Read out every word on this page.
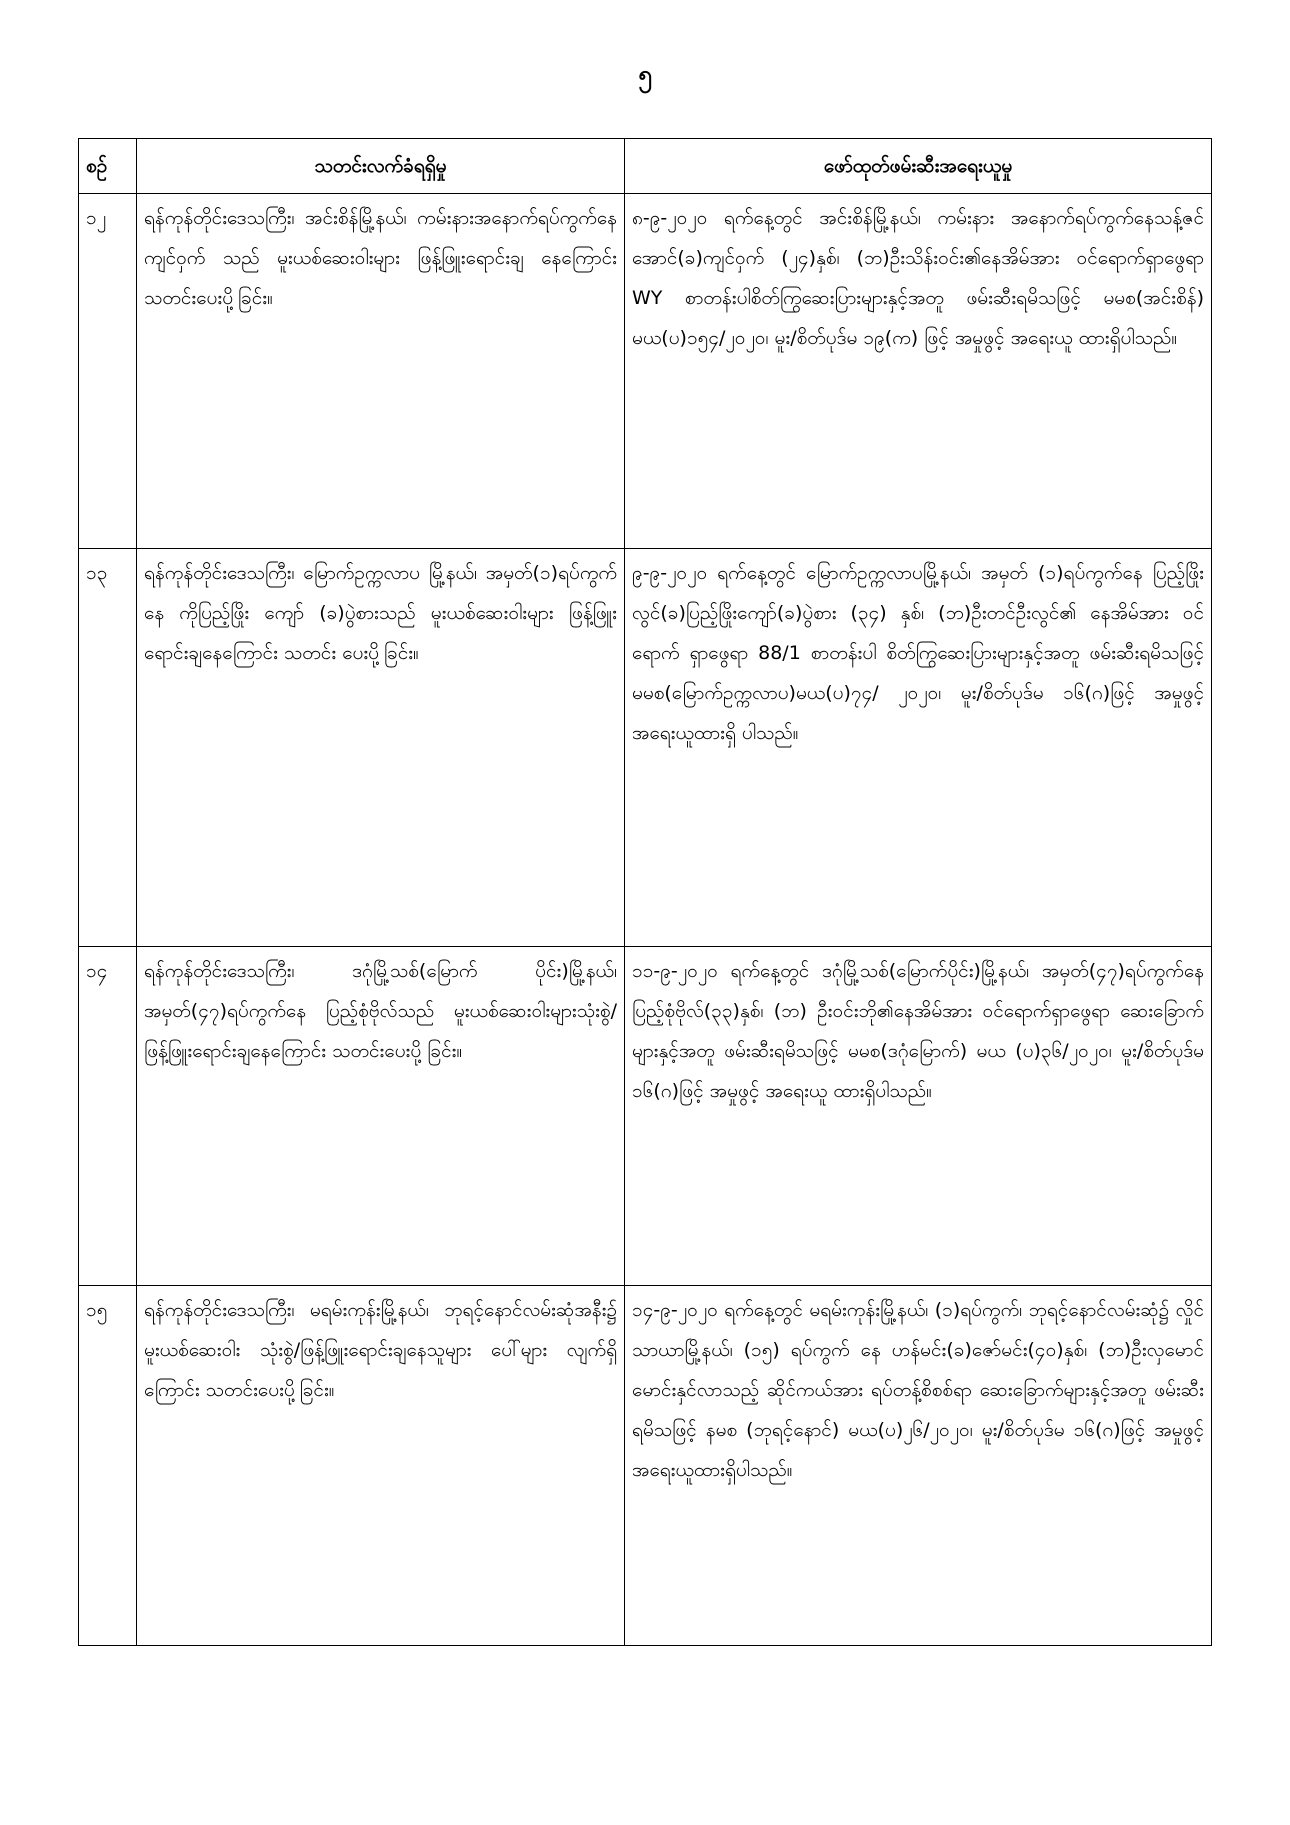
၅
စဉ်	သတင်းလက်ခံရရှိမှု	ဖော်ထုတ်ဖမ်းဆီးအရေးယူမှု
၁၂	ရန်ကုန်တိုင်းဒေသကြီး၊ အင်းစိန်မြို့နယ်၊ ကမ်းနားအနောက်ရပ်ကွက်နေ ကျင်ဝှက် သည် မူးယစ်ဆေးဝါးများ ဖြန့်ဖြူးရောင်းချ နေကြောင်း သတင်းပေးပို့ခြင်း။	၈-၉-၂၀၂၀ ရက်နေ့တွင် အင်းစိန်မြို့နယ်၊ ကမ်းနား အနောက်ရပ်ကွက်နေသန့်ဇင်အောင်(ခ)ကျင်ဝှက် (၂၄)နှစ်၊ (ဘ)ဦးသိန်းဝင်း၏နေအိမ်အား ဝင်ရောက်ရှာဖွေရာ WY စာတန်းပါစိတ်ကြွဆေးပြားများနှင့်အတူ ဖမ်းဆီးရမိသဖြင့် မမစ(အင်းစိန်) မယ(ပ)၁၅၄/၂၀၂၀၊ မူး/စိတ်ပုဒ်မ ၁၉(က) ဖြင့် အမှုဖွင့် အရေးယူ ထားရှိပါသည်။
၁၃	ရန်ကုန်တိုင်းဒေသကြီး၊ မြောက်ဥက္ကလာပ မြို့နယ်၊ အမှတ်(၁)ရပ်ကွက်နေ ကိုပြည့်ဖြိုး ကျော် (ခ)ပွဲစားသည် မူးယစ်ဆေးဝါးများ ဖြန့်ဖြူး ရောင်းချနေကြောင်း သတင်း ပေးပို့ခြင်း။	၉-၉-၂၀၂၀ ရက်နေ့တွင် မြောက်ဥက္ကလာပမြို့နယ်၊ အမှတ် (၁)ရပ်ကွက်နေ ပြည့်ဖြိုးလွင်(ခ)ပြည့်ဖြိုးကျော်(ခ)ပွဲစား (၃၄) နှစ်၊ (ဘ)ဦးတင်ဦးလွင်၏ နေအိမ်အား ဝင်ရောက် ရှာဖွေရာ 88/1 စာတန်းပါ စိတ်ကြွဆေးပြားများနှင့်အတူ ဖမ်းဆီးရမိသဖြင့် မမစ(မြောက်ဥက္ကလာပ)မယ(ပ)၇၄/ ၂၀၂၀၊ မူး/စိတ်ပုဒ်မ ၁၆(ဂ)ဖြင့် အမှုဖွင့် အရေးယူထားရှိ ပါသည်။
၁၄	ရန်ကုန်တိုင်းဒေသကြီး၊ ဒဂုံမြို့သစ်(မြောက် ပိုင်း)မြို့နယ်၊ အမှတ်(၄၇)ရပ်ကွက်နေ ပြည့်စုံဗိုလ်သည် မူးယစ်ဆေးဝါးများသုံးစွဲ/ ဖြန့်ဖြူးရောင်းချနေကြောင်း သတင်းပေးပို့ ခြင်း။	၁၁-၉-၂၀၂၀ ရက်နေ့တွင် ဒဂုံမြို့သစ်(မြောက်ပိုင်း)မြို့နယ်၊ အမှတ်(၄၇)ရပ်ကွက်နေ ပြည့်စုံဗိုလ်(၃၃)နှစ်၊ (ဘ) ဦးဝင်းဘို၏နေအိမ်အား ဝင်ရောက်ရှာဖွေရာ ဆေးခြောက် များနှင့်အတူ ဖမ်းဆီးရမိသဖြင့် မမစ(ဒဂုံမြောက်) မယ (ပ)၃၆/၂၀၂၀၊ မူး/စိတ်ပုဒ်မ ၁၆(ဂ)ဖြင့် အမှုဖွင့် အရေးယူ ထားရှိပါသည်။
၁၅	ရန်ကုန်တိုင်းဒေသကြီး၊ မရမ်းကုန်းမြို့နယ်၊ ဘုရင့်နောင်လမ်းဆုံအနီး၌ မူးယစ်ဆေးဝါး သုံးစွဲ/ဖြန့်ဖြူးရောင်းချနေသူများ ပေါ်များ လျက်ရှိကြောင်း သတင်းပေးပို့ခြင်း။	၁၄-၉-၂၀၂၀ ရက်နေ့တွင် မရမ်းကုန်းမြို့နယ်၊ (၁)ရပ်ကွက်၊ ဘုရင့်နောင်လမ်းဆုံ၌ လှိုင်သာယာမြို့နယ်၊ (၁၅) ရပ်ကွက် နေ ဟန်မင်း(ခ)ဇော်မင်း(၄၀)နှစ်၊ (ဘ)ဦးလှမောင် မောင်းနှင်လာသည့် ဆိုင်ကယ်အား ရပ်တန့်စိစစ်ရာ ဆေးခြောက်များနှင့်အတူ ဖမ်းဆီးရမိသဖြင့် နမစ (ဘုရင့်နောင်) မယ(ပ)၂၆/၂၀၂၀၊ မူး/စိတ်ပုဒ်မ ၁၆(ဂ)ဖြင့် အမှုဖွင့် အရေးယူထားရှိပါသည်။
